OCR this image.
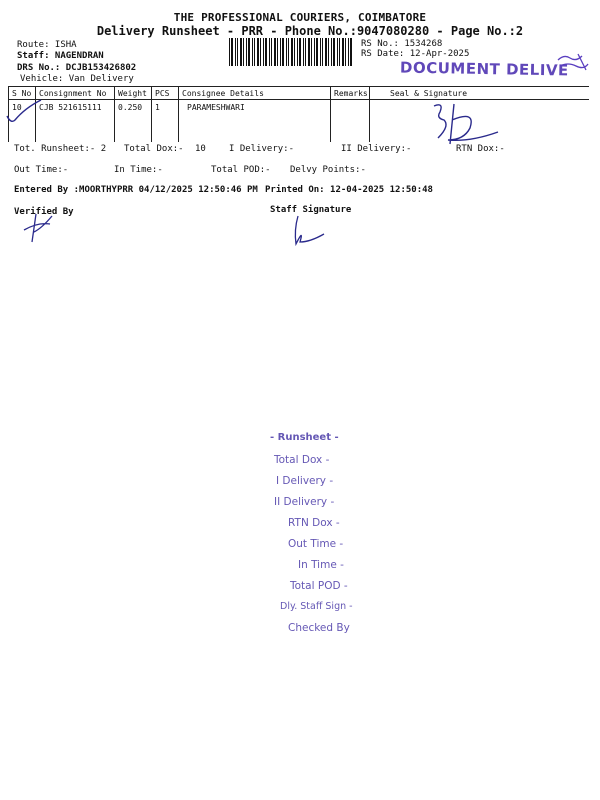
THE PROFESSIONAL COURIERS, COIMBATORE
Delivery Runsheet - PRR - Phone No.:9047080280 - Page No.:2
Route: ISHA
Staff: NAGENDRAN
DRS No.: DCJB153426802
Vehicle: Van Delivery
RS No.: 1534268
RS Date: 12-Apr-2025
DOCUMENT DELIVE
S No	Consignment No	Weight	PCS	Consignee Details	Remarks	Seal & Signature
10	CJB 521615111	0.250	1	PARAMESHWARI		
Tot. Runsheet:- 2 Total Dox:- 10	I Delivery:-	II Delivery:-	RTN Dox:-
Out Time:-	In Time:-	Total POD:- Delvy Points:-
Entered By :MOORTHYPRR 04/12/2025 12:50:46 PM Printed On: 12-04-2025 12:50:48
Verified By	Staff Signature
- Runsheet -
Total Dox -
I Delivery -
II Delivery -
RTN Dox -
Out Time -
In Time -
Total POD -
Dly. Staff Sign -
Checked By
